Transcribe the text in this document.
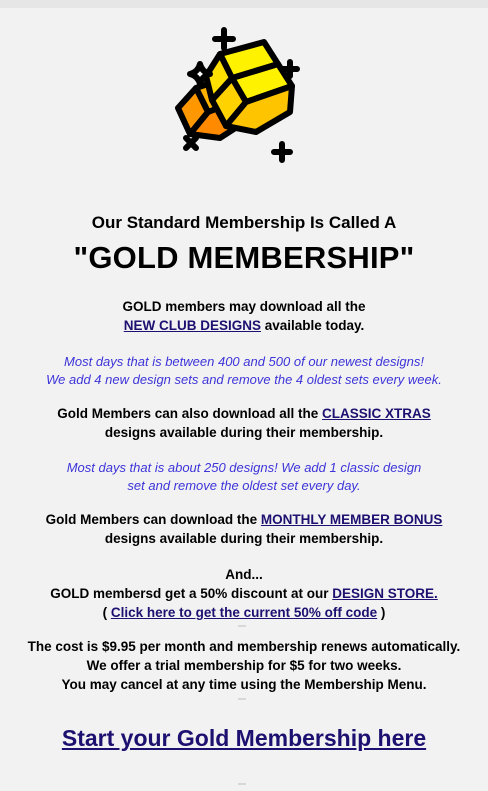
Our Standard Membership Is Called A
"GOLD MEMBERSHIP"
GOLD members may download all the
NEW CLUB DESIGNS available today.
Most days that is between 400 and 500 of our newest designs!
We add 4 new design sets and remove the 4 oldest sets every week.
Gold Members can also download all the CLASSIC XTRAS
designs available during their membership.
Most days that is about 250 designs! We add 1 classic design
set and remove the oldest set every day.
Gold Members can download the MONTHLY MEMBER BONUS
designs available during their membership.
And...
GOLD membersd get a 50% discount at our DESIGN STORE.
( Click here to get the current 50% off code )
The cost is $9.95 per month and membership renews automatically.
We offer a trial membership for $5 for two weeks.
You may cancel at any time using the Membership Menu.
Start your Gold Membership here
